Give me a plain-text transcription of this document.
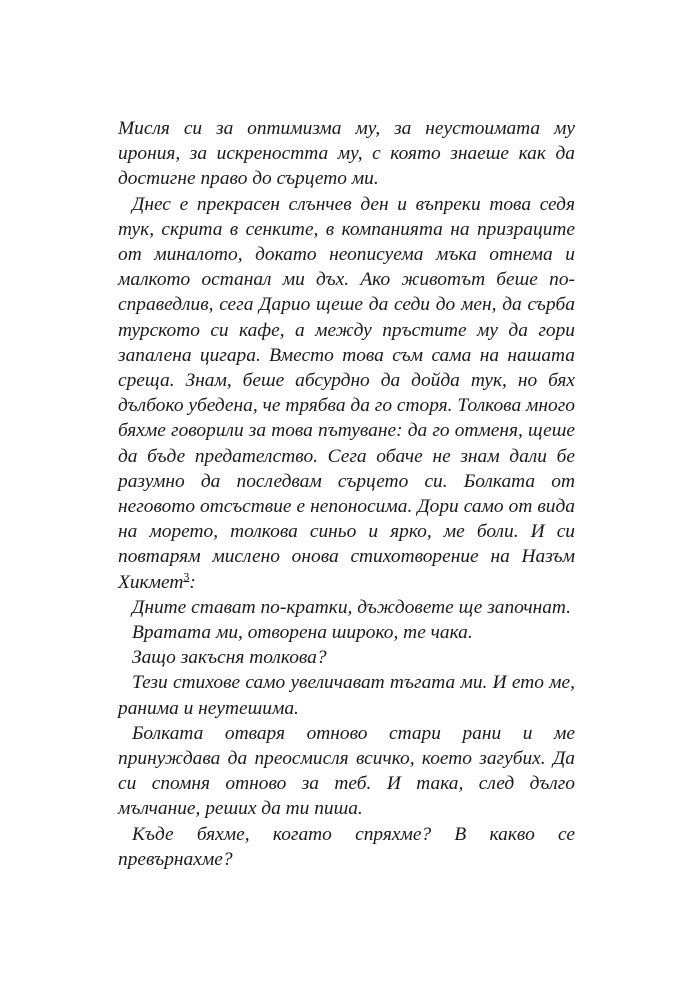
Мисля си за оптимизма му, за неустоимата му ирония, за искреността му, с която знаеше как да достигне право до сърцето ми.

Днес е прекрасен слънчев ден и въпреки това седя тук, скрита в сенките, в компанията на призраците от миналото, докато неописуема мъка отнема и малкото останал ми дъх. Ако животът беше по-справедлив, сега Дарио щеше да седи до мен, да сърба турското си кафе, а между пръстите му да гори запалена цигара. Вместо това съм сама на нашата среща. Знам, беше абсурдно да дойда тук, но бях дълбоко убедена, че трябва да го сторя. Толкова много бяхме говорили за това пътуване: да го отменя, щеше да бъде предателство. Сега обаче не знам дали бе разумно да последвам сърцето си. Болката от неговото отсъствие е непоносима. Дори само от вида на морето, толкова синьо и ярко, ме боли. И си повтарям мислено онова стихотворение на Назъм Хикмет$^3$:

Дните стават по-кратки, дъждовете ще започнат.

Вратата ми, отворена широко, те чака.

Защо закъсня толкова?

Тези стихове само увеличават тъгата ми. И ето ме, ранима и неутешима.

Болката отваря отново стари рани и ме принуждава да преосмисля всичко, което загубих. Да си спомня отново за теб. И така, след дълго мълчание, реших да ти пиша.

Къде бяхме, когато спряхме? В какво се превърнахме?
